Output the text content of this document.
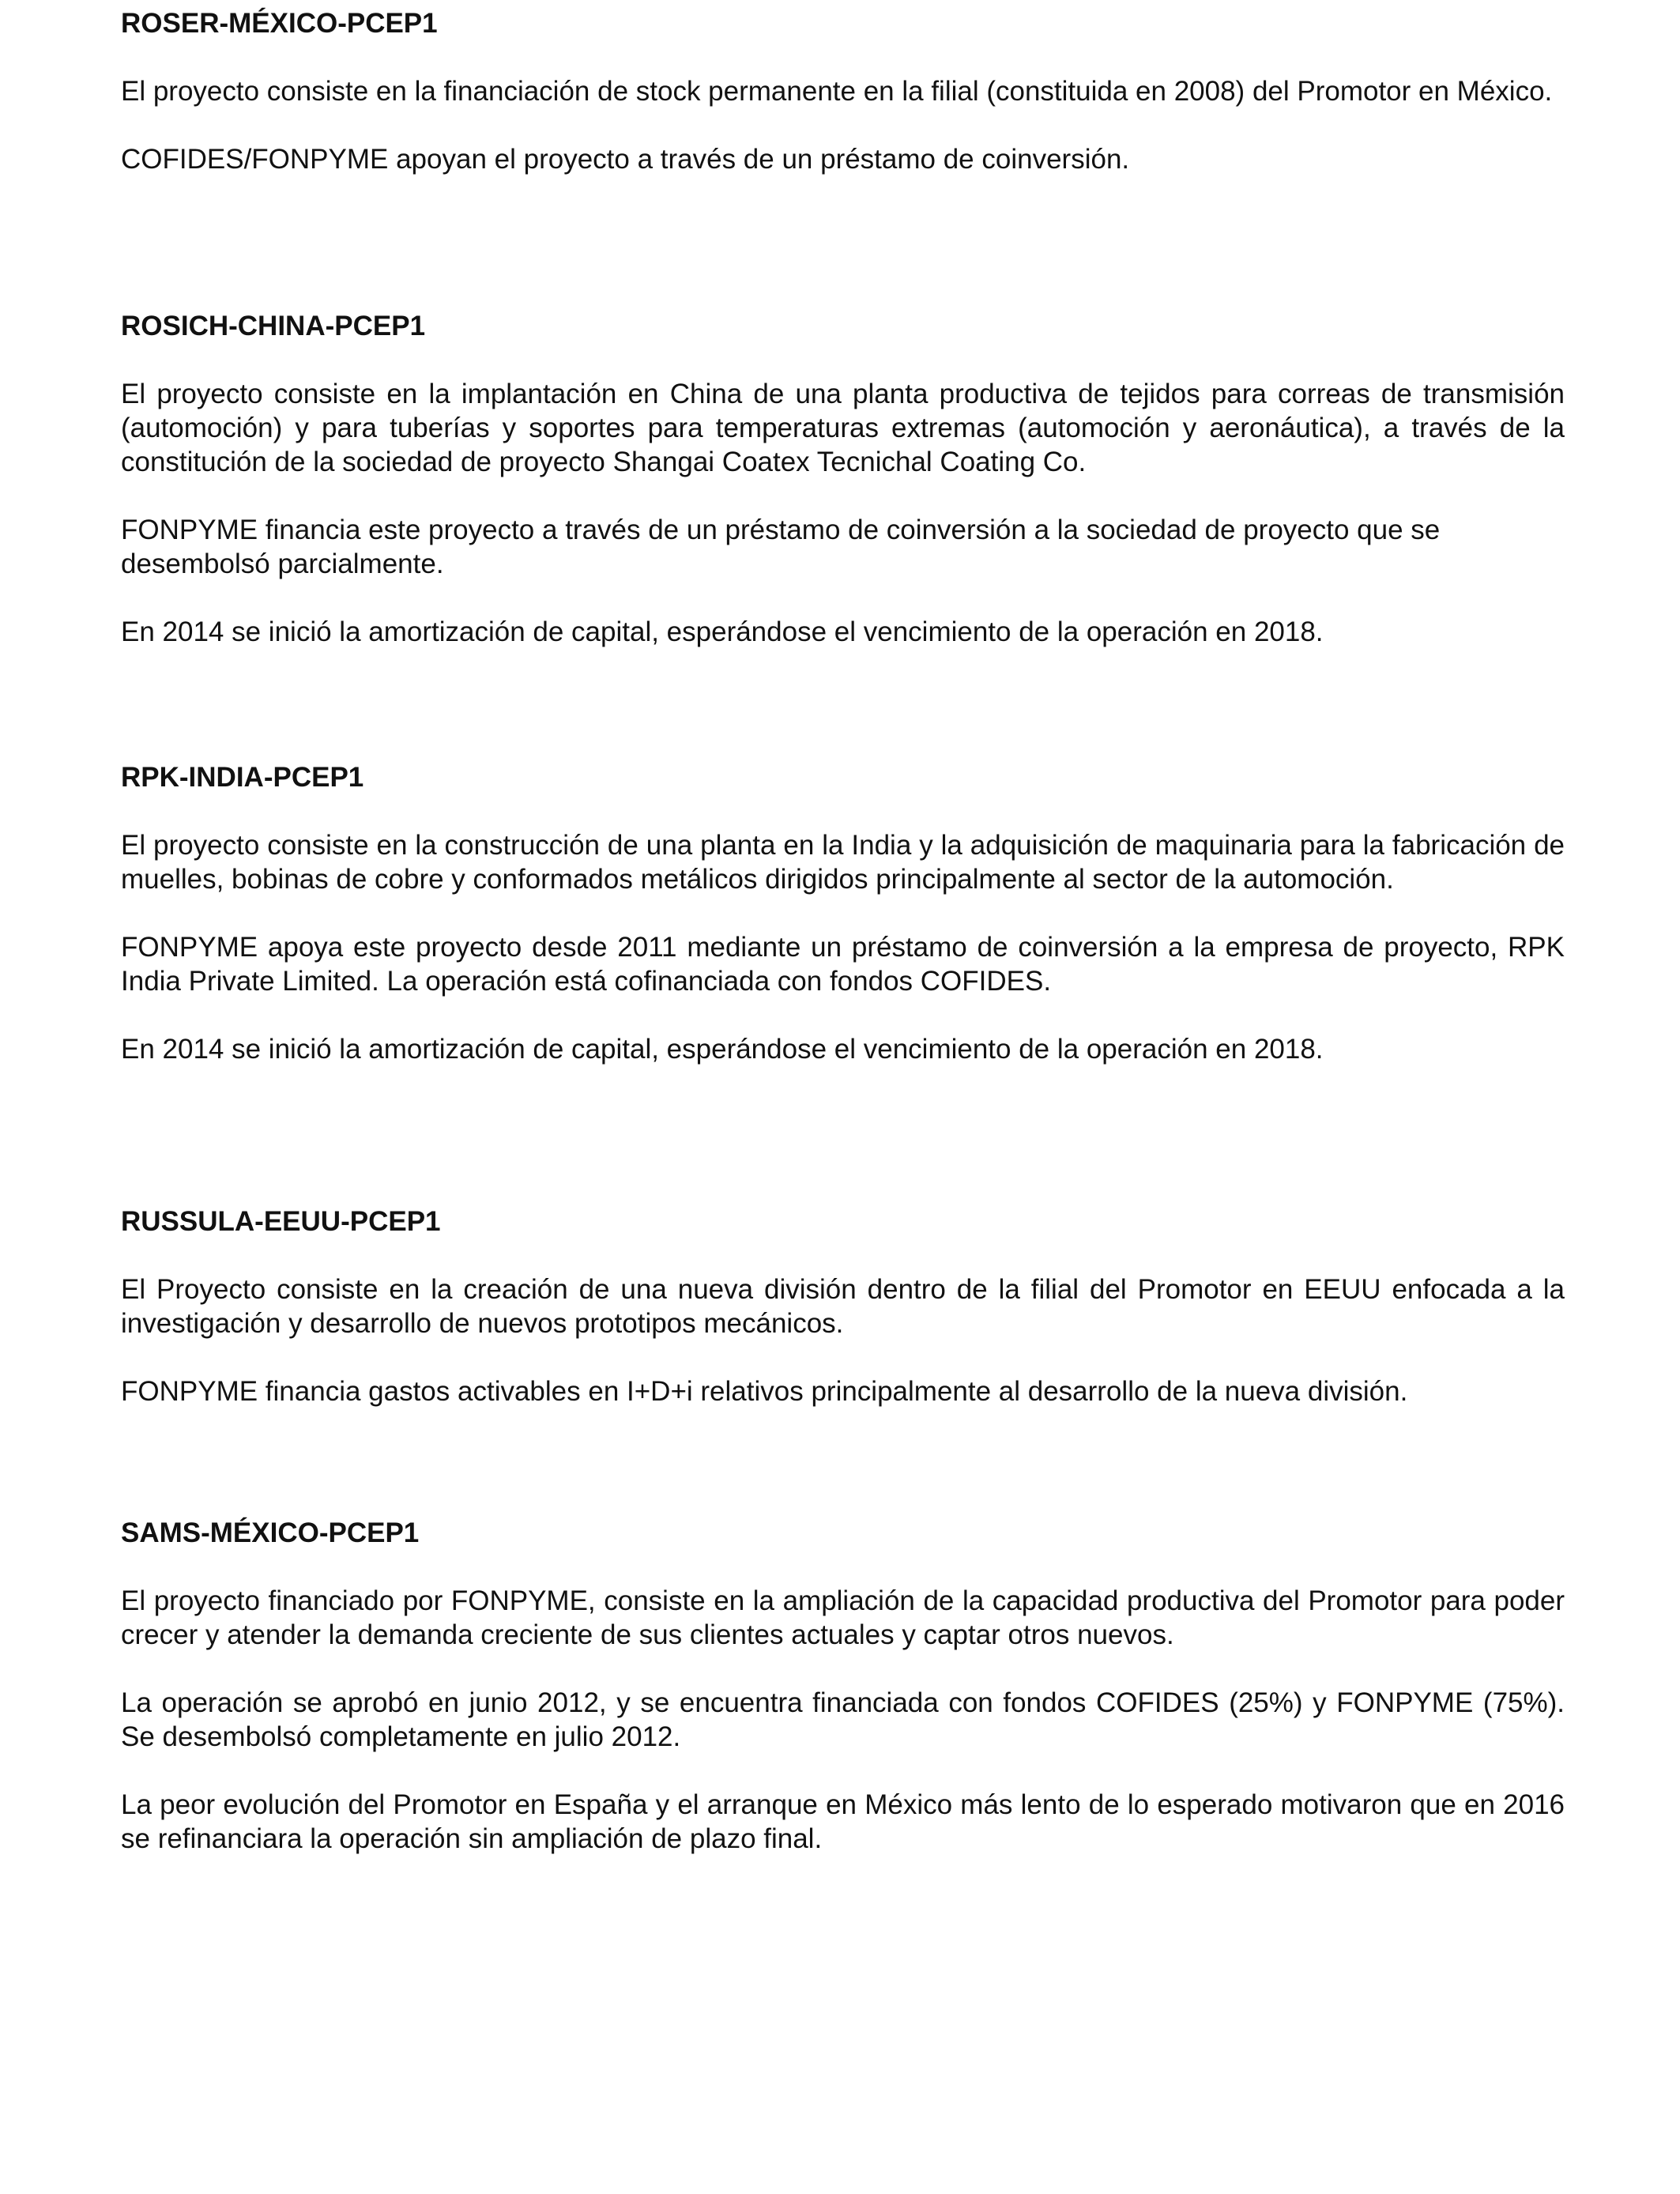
ROSER-MÉXICO-PCEP1

El proyecto consiste en la financiación de stock permanente en la filial (constituida en 2008) del Promotor en México.

COFIDES/FONPYME apoyan el proyecto a través de un préstamo de coinversión.

ROSICH-CHINA-PCEP1

El proyecto consiste en la implantación en China de una planta productiva de tejidos para correas de transmisión (automoción) y para tuberías y soportes para temperaturas extremas (automoción y aeronáutica), a través de la constitución de la sociedad de proyecto Shangai Coatex Tecnichal Coating Co.

FONPYME financia este proyecto a través de un préstamo de coinversión a la sociedad de proyecto que se desembolsó parcialmente.

En 2014 se inició la amortización de capital, esperándose el vencimiento de la operación en 2018.

RPK-INDIA-PCEP1

El proyecto consiste en la construcción de una planta en la India y la adquisición de maquinaria para la fabricación de muelles, bobinas de cobre y conformados metálicos dirigidos principalmente al sector de la automoción.

FONPYME apoya este proyecto desde 2011 mediante un préstamo de coinversión a la empresa de proyecto, RPK India Private Limited. La operación está cofinanciada con fondos COFIDES.

En 2014 se inició la amortización de capital, esperándose el vencimiento de la operación en 2018.

RUSSULA-EEUU-PCEP1

El Proyecto consiste en la creación de una nueva división dentro de la filial del Promotor en EEUU enfocada a la investigación y desarrollo de nuevos prototipos mecánicos.

FONPYME financia gastos activables en I+D+i relativos principalmente al desarrollo de la nueva división.

SAMS-MÉXICO-PCEP1

El proyecto financiado por FONPYME, consiste en la ampliación de la capacidad productiva del Promotor para poder crecer y atender la demanda creciente de sus clientes actuales y captar otros nuevos.

La operación se aprobó en junio 2012, y se encuentra financiada con fondos COFIDES (25%) y FONPYME (75%). Se desembolsó completamente en julio 2012.

La peor evolución del Promotor en España y el arranque en México más lento de lo esperado motivaron que en 2016 se refinanciara la operación sin ampliación de plazo final.
